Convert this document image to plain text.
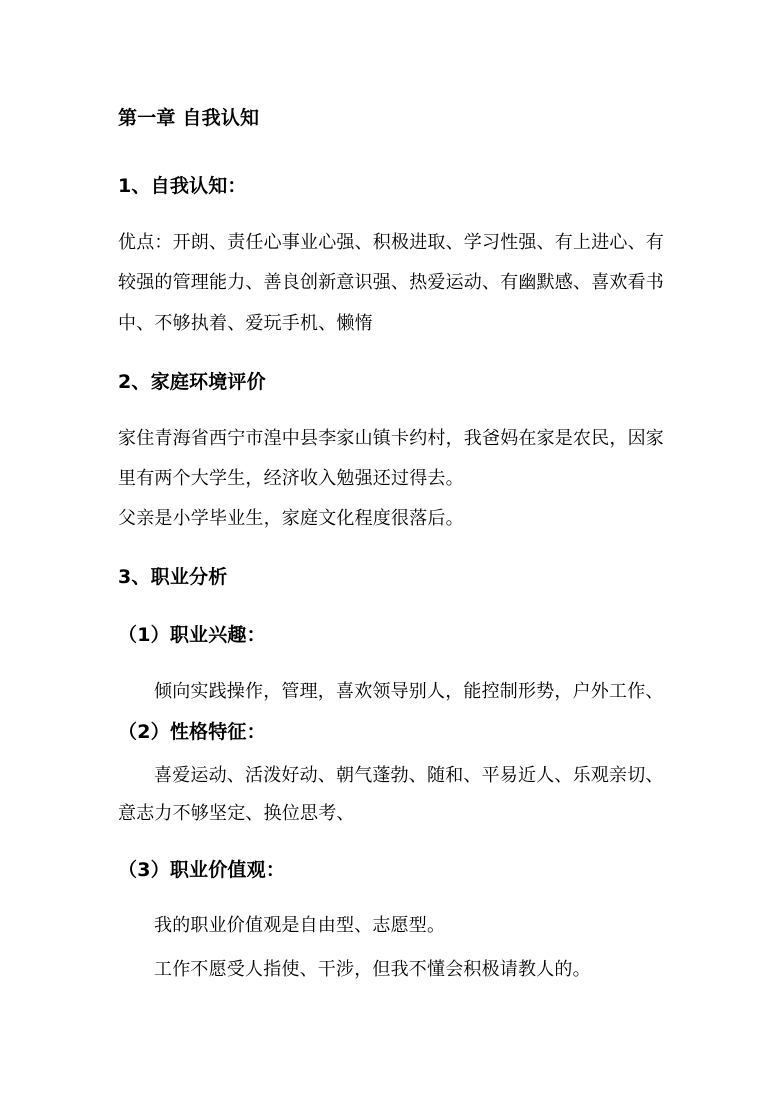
第一章 自我认知
1、自我认知：
优点：开朗、责任心事业心强、积极进取、学习性强、有上进心、有
较强的管理能力、善良创新意识强、热爱运动、有幽默感、喜欢看书
中、不够执着、爱玩手机、懒惰
2、家庭环境评价
家住青海省西宁市湟中县李家山镇卡约村，我爸妈在家是农民，因家
里有两个大学生，经济收入勉强还过得去。
父亲是小学毕业生，家庭文化程度很落后。
3、职业分析
（1）职业兴趣：
倾向实践操作，管理，喜欢领导别人，能控制形势，户外工作、
（2）性格特征：
喜爱运动、活泼好动、朝气蓬勃、随和、平易近人、乐观亲切、
意志力不够坚定、换位思考、
（3）职业价值观：
我的职业价值观是自由型、志愿型。
工作不愿受人指使、干涉，但我不懂会积极请教人的。
